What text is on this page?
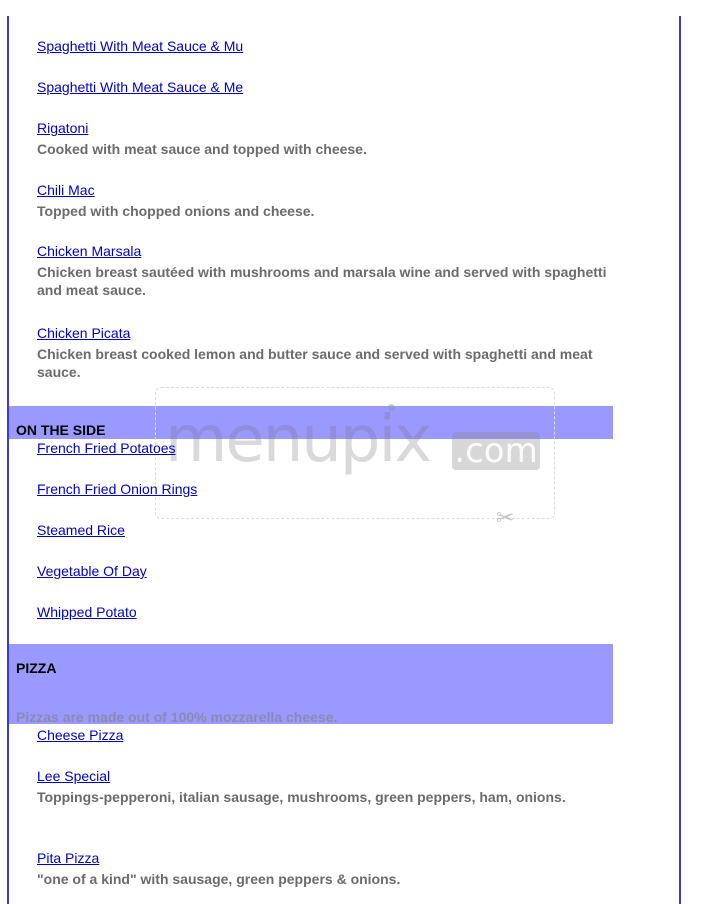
Spaghetti With Meat Sauce & Mu
Spaghetti With Meat Sauce & Me
Rigatoni
Cooked with meat sauce and topped with cheese.
Chili Mac
Topped with chopped onions and cheese.
Chicken Marsala
Chicken breast sautéed with mushrooms and marsala wine and served with spaghetti and meat sauce.
Chicken Picata
Chicken breast cooked lemon and butter sauce and served with spaghetti and meat sauce.
ON THE SIDE menupix .com
✂
French Fried Potatoes
French Fried Onion Rings
Steamed Rice
Vegetable Of Day
Whipped Potato
PIZZA
Pizzas are made out of 100% mozzarella cheese.
Cheese Pizza
Lee Special
Toppings-pepperoni, italian sausage, mushrooms, green peppers, ham, onions.
Pita Pizza
"one of a kind" with sausage, green peppers & onions.
